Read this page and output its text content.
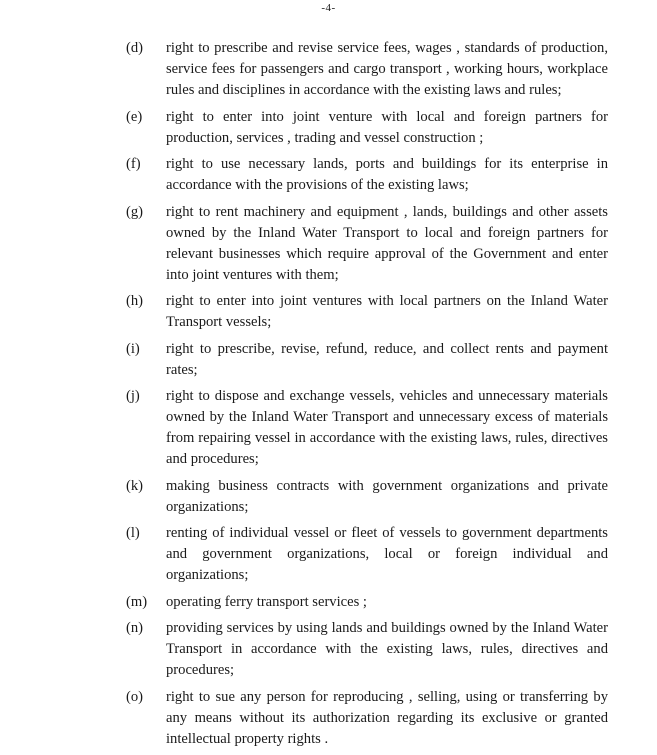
-4-
(d) right to prescribe and revise service fees, wages , standards of production, service fees for passengers and cargo transport , working hours, workplace rules and disciplines in accordance with the existing laws and rules;
(e) right to enter into joint venture with local and foreign partners for production, services , trading and vessel construction ;
(f) right to use necessary lands, ports and buildings for its enterprise in accordance with the provisions of the existing laws;
(g) right to rent machinery and equipment , lands, buildings and other assets owned by the Inland Water Transport to local and foreign partners for relevant businesses which require approval of the Government and enter into joint ventures with them;
(h) right to enter into joint ventures with local partners on the Inland Water Transport vessels;
(i) right to prescribe, revise, refund, reduce, and collect rents and payment rates;
(j) right to dispose and exchange vessels, vehicles and unnecessary materials owned by the Inland Water Transport and unnecessary excess of materials from repairing vessel in accordance with the existing laws, rules, directives and procedures;
(k) making business contracts with government organizations and private organizations;
(l) renting of individual vessel or fleet of vessels to government departments and government organizations, local or foreign individual and organizations;
(m) operating ferry transport services ;
(n) providing services by using lands and buildings owned by the Inland Water Transport in accordance with the existing laws, rules, directives and procedures;
(o) right to sue any person for reproducing , selling, using or transferring by any means without its authorization regarding its exclusive or granted intellectual property rights .
